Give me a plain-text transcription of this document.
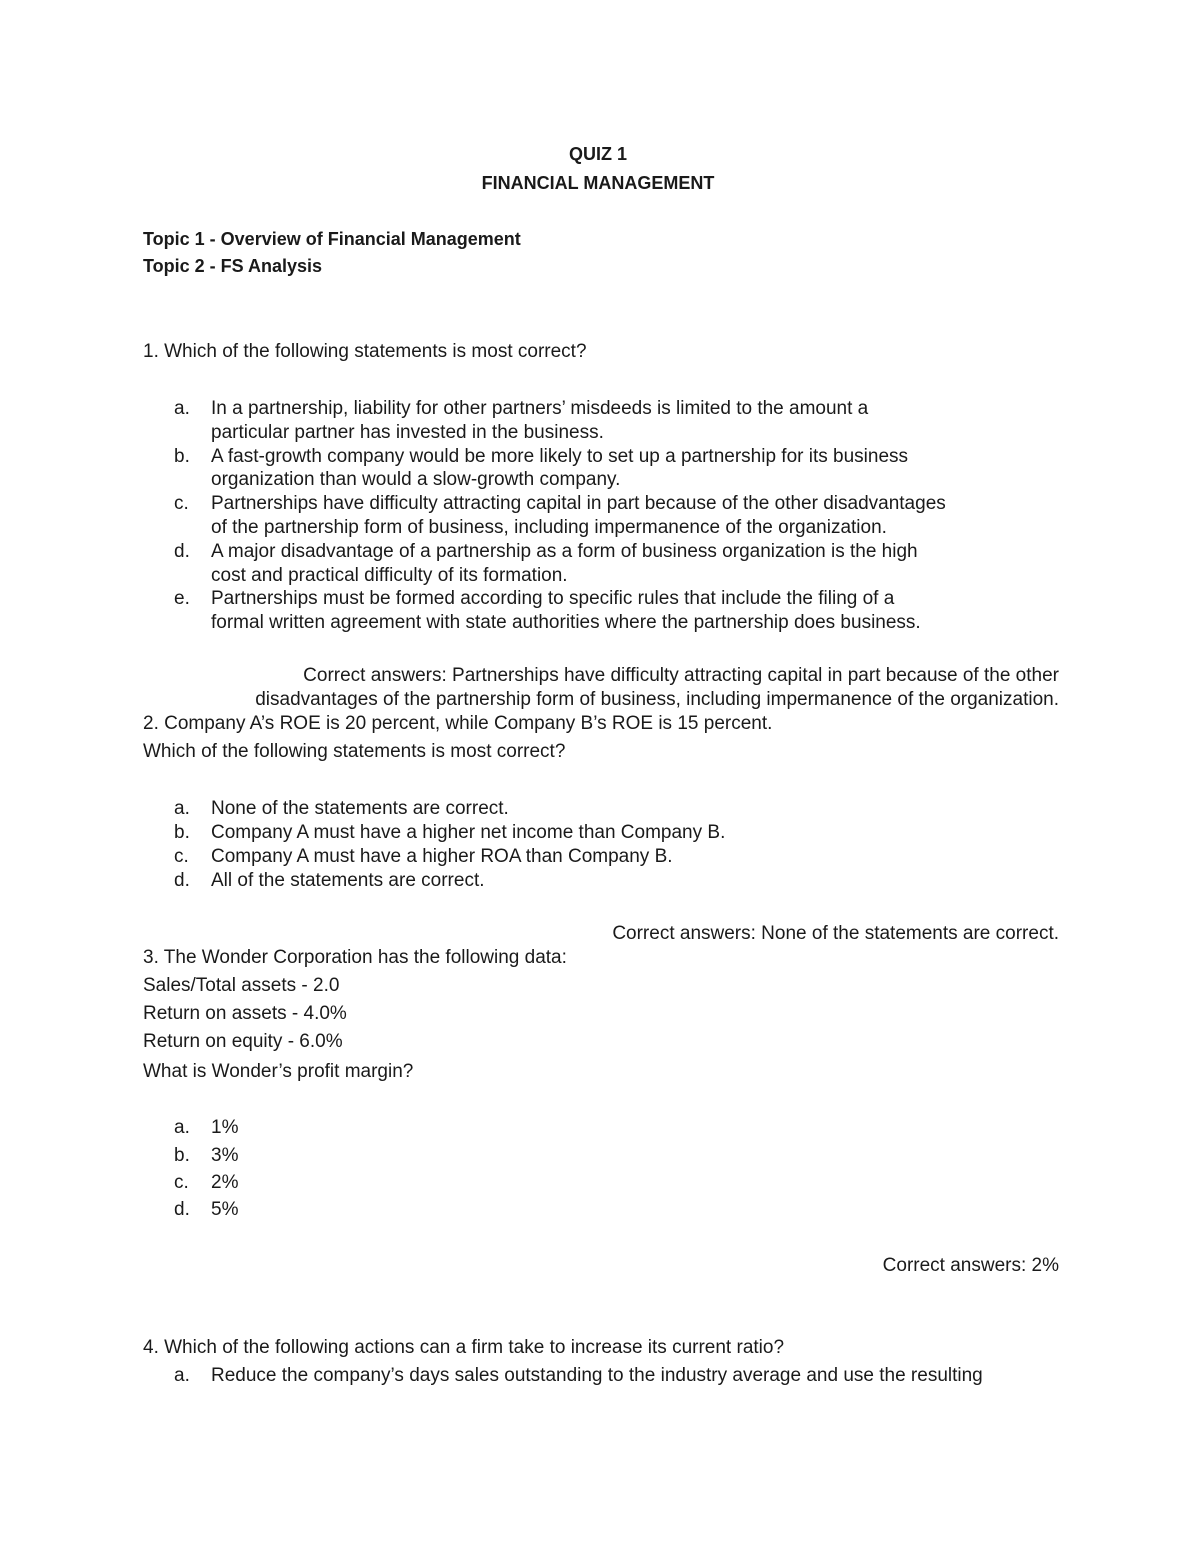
QUIZ 1
FINANCIAL MANAGEMENT
Topic 1 - Overview of Financial Management
Topic 2 - FS Analysis
1. Which of the following statements is most correct?
a. In a partnership, liability for other partners’ misdeeds is limited to the amount a
particular partner has invested in the business.
b. A fast-growth company would be more likely to set up a partnership for its business
organization than would a slow-growth company.
c. Partnerships have difficulty attracting capital in part because of the other disadvantages
of the partnership form of business, including impermanence of the organization.
d. A major disadvantage of a partnership as a form of business organization is the high
cost and practical difficulty of its formation.
e. Partnerships must be formed according to specific rules that include the filing of a
formal written agreement with state authorities where the partnership does business.
Correct answers: Partnerships have difficulty attracting capital in part because of the other
disadvantages of the partnership form of business, including impermanence of the organization.
2. Company A’s ROE is 20 percent, while Company B’s ROE is 15 percent.
Which of the following statements is most correct?
a. None of the statements are correct.
b. Company A must have a higher net income than Company B.
c. Company A must have a higher ROA than Company B.
d. All of the statements are correct.
Correct answers: None of the statements are correct.
3. The Wonder Corporation has the following data:
Sales/Total assets - 2.0
Return on assets - 4.0%
Return on equity - 6.0%
What is Wonder’s profit margin?
a. 1%
b. 3%
c. 2%
d. 5%
Correct answers: 2%
4. Which of the following actions can a firm take to increase its current ratio?
a. Reduce the company’s days sales outstanding to the industry average and use the resulting
